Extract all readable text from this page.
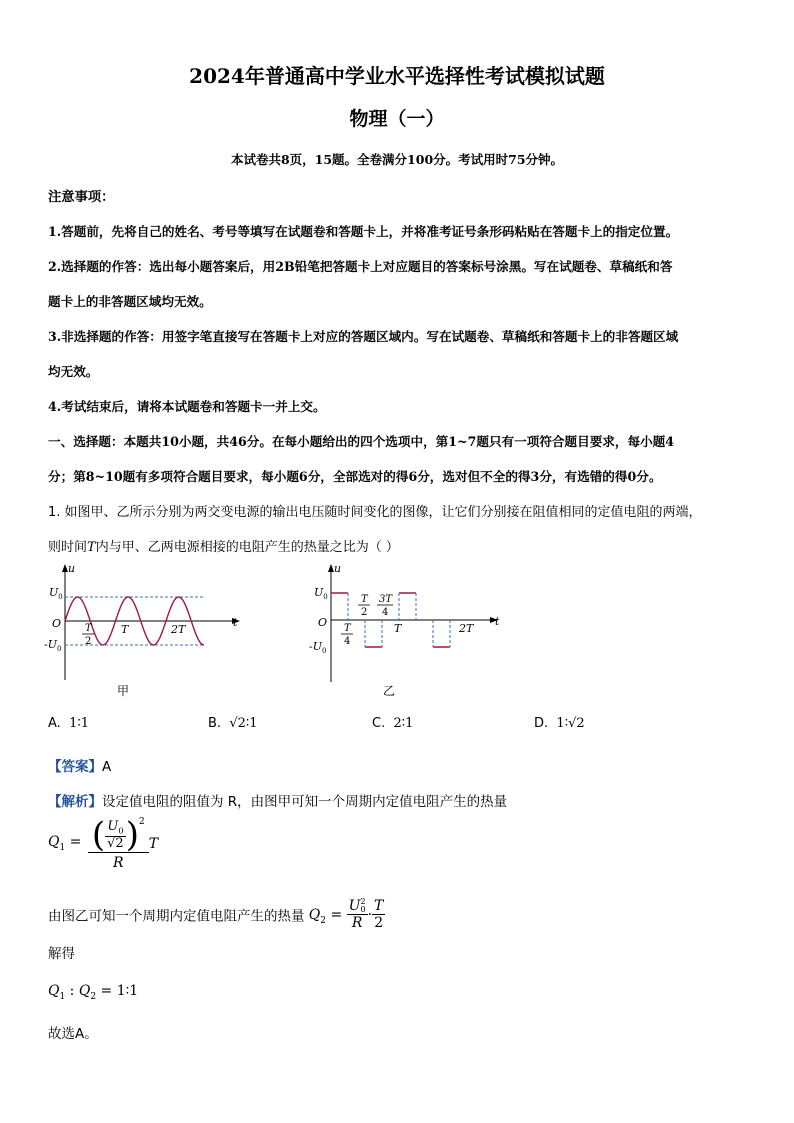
2024年普通高中学业水平选择性考试模拟试题
物理（一）
本试卷共8页，15题。全卷满分100分。考试用时75分钟。
注意事项：
1.答题前，先将自己的姓名、考号等填写在试题卷和答题卡上，并将准考证号条形码粘贴在答题卡上的指定位置。
2.选择题的作答：选出每小题答案后，用2B铅笔把答题卡上对应题目的答案标号涂黑。写在试题卷、草稿纸和答
题卡上的非答题区域均无效。
3.非选择题的作答：用签字笔直接写在答题卡上对应的答题区域内。写在试题卷、草稿纸和答题卡上的非答题区域
均无效。
4.考试结束后，请将本试题卷和答题卡一并上交。
一、选择题：本题共10小题，共46分。在每小题给出的四个选项中，第1~7题只有一项符合题目要求，每小题4
分；第8~10题有多项符合题目要求，每小题6分，全部选对的得6分，选对但不全的得3分，有选错的得0分。
1. 如图甲、乙所示分别为两交变电源的输出电压随时间变化的图像，让它们分别接在阻值相同的定值电阻的两端，
则时间T内与甲、乙两电源相接的电阻产生的热量之比为（ ）
u
t
O
$U_0$
$-U_0$
T
2
T	2T
甲
u
t
O
$U_0$
$-U_0$
T
4
T
2
3T
4
T	2T
乙
A. 1∶1	B. √2∶1	C. 2∶1	D. 1∶√2
【答案】A
【解析】设定值电阻的阻值为 R，由图甲可知一个周期内定值电阻产生的热量
$Q_1 = \frac{( \frac{U_0}{√2} )^2}{R}$ T
由图乙可知一个周期内定值电阻产生的热量 $Q_2 = U$ 2
0
$R \cdot \frac{T}{2}$
解得
$Q_1$ : $Q_2$ = 1∶1
故选A。
